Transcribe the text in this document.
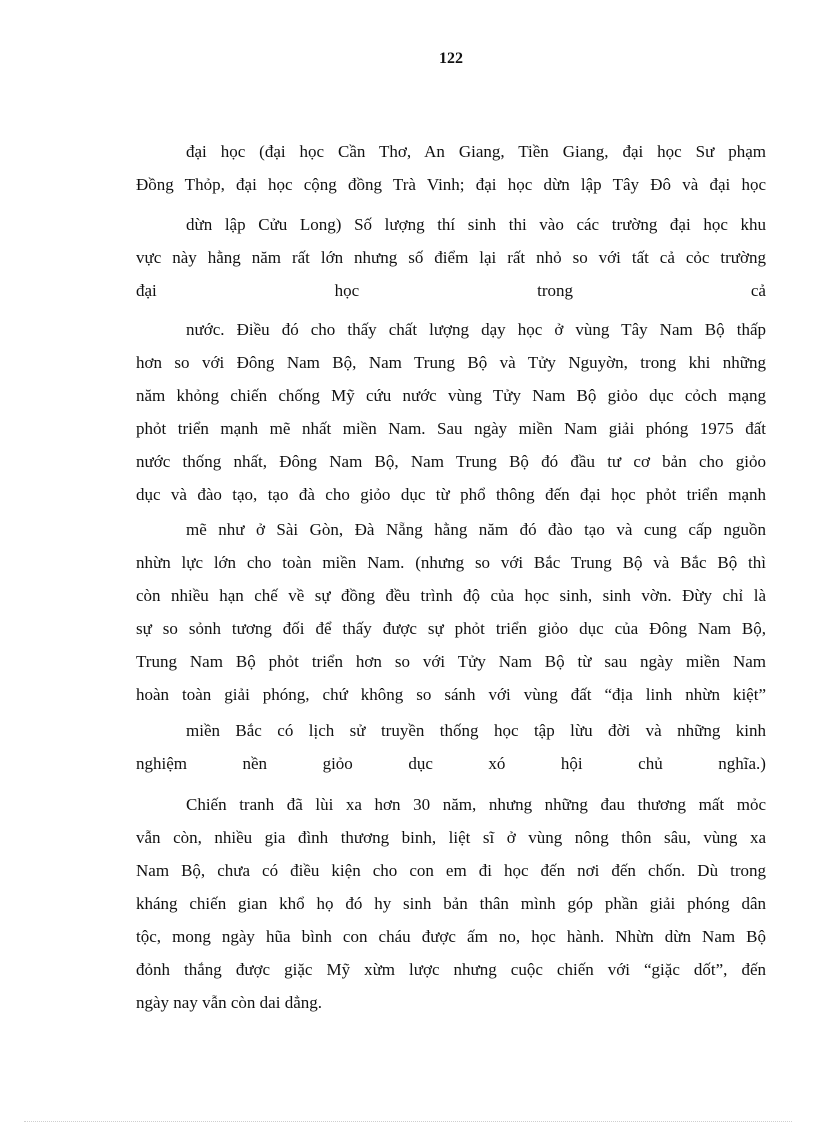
122
đại học (đại học Cần Thơ, An Giang, Tiền Giang, đại học Sư phạm
Đồng Thỏp, đại học cộng đồng Trà Vinh; đại học dừn lập Tây Đô và đại học
dừn lập Cửu Long) Số lượng thí sinh thi vào các trường đại học khu
vực này hằng năm rất lớn nhưng số điểm lại rất nhỏ so với tất cả cỏc trường
đại	học	trong	cả
nước. Điều đó cho thấy chất lượng dạy học ở vùng Tây Nam Bộ thấp
hơn so với Đông Nam Bộ, Nam Trung Bộ và Tửy Nguyờn, trong khi những
năm khỏng chiến chống Mỹ cứu nước vùng Tửy Nam Bộ giỏo dục cỏch mạng
phỏt triển mạnh mẽ nhất miền Nam. Sau ngày miền Nam giải phóng 1975 đất
nước thống nhất, Đông Nam Bộ, Nam Trung Bộ đó đầu tư cơ bản cho giỏo
dục và đào tạo, tạo đà cho giỏo dục từ phổ thông đến đại học phỏt triển mạnh
mẽ như ở Sài Gòn, Đà Nẵng hằng năm đó đào tạo và cung cấp nguồn
nhừn lực lớn cho toàn miền Nam. (nhưng so với Bắc Trung Bộ và Bắc Bộ thì
còn nhiều hạn chế về sự đồng đều trình độ của học sinh, sinh vờn. Đừy chỉ là
sự so sỏnh tương đối để thấy được sự phỏt triển giỏo dục của Đông Nam Bộ,
Trung Nam Bộ phỏt triển hơn so với Tửy Nam Bộ từ sau ngày miền Nam
hoàn toàn giải phóng, chứ không so sánh với vùng đất “địa linh nhừn kiệt”
miền Bắc có lịch sử truyền thống học tập lừu đời và những kinh
nghiệm	nền	giỏo	dục	xó	hội	chủ	nghĩa.)
Chiến tranh đã lùi xa hơn 30 năm, nhưng những đau thương mất mỏc
vẫn còn, nhiều gia đình thương binh, liệt sĩ ở vùng nông thôn sâu, vùng xa
Nam Bộ, chưa có điều kiện cho con em đi học đến nơi đến chốn. Dù trong
kháng chiến gian khổ họ đó hy sinh bản thân mình góp phần giải phóng dân
tộc, mong ngày hũa bình con cháu được ấm no, học hành. Nhừn dừn Nam Bộ
đỏnh thắng được giặc Mỹ xừm lược nhưng cuộc chiến với “giặc dốt”, đến
ngày nay vẫn còn dai dẳng.
